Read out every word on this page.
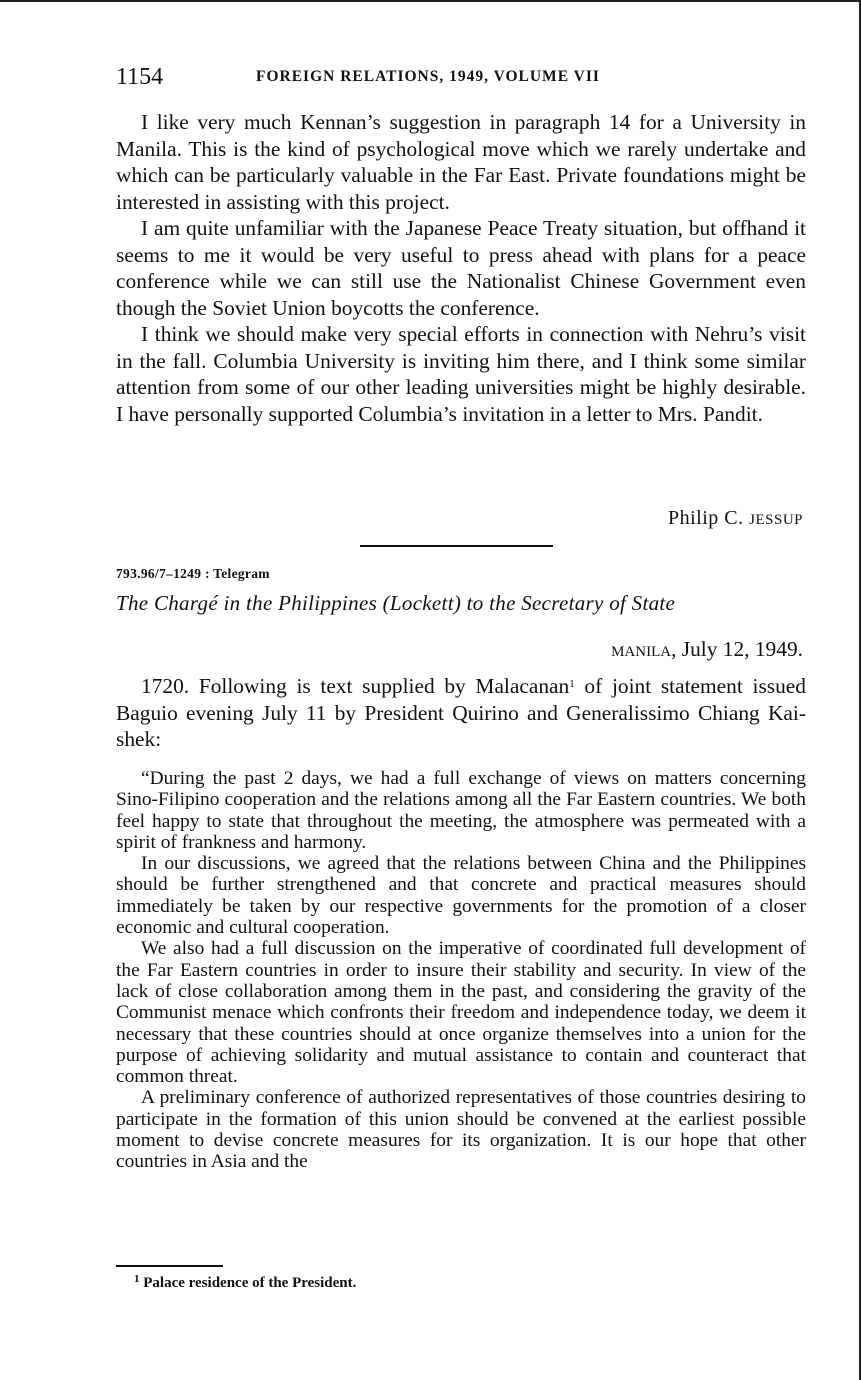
1154	FOREIGN RELATIONS, 1949, VOLUME VII

I like very much Kennan’s suggestion in paragraph 14 for a University in Manila. This is the kind of psychological move which we rarely undertake and which can be particularly valuable in the Far East. Private foundations might be interested in assisting with this project.

I am quite unfamiliar with the Japanese Peace Treaty situation, but offhand it seems to me it would be very useful to press ahead with plans for a peace conference while we can still use the Nationalist Chinese Government even though the Soviet Union boycotts the conference.

I think we should make very special efforts in connection with Nehru’s visit in the fall. Columbia University is inviting him there, and I think some similar attention from some of our other leading universities might be highly desirable. I have personally supported Columbia’s invitation in a letter to Mrs. Pandit.

Philip C. JESSUP
793.96/7–1249 : Telegram
The Chargé in the Philippines (Lockett) to the Secretary of State
MANILA, July 12, 1949.

1720. Following is text supplied by Malacanan$^1$ of joint statement issued Baguio evening July 11 by President Quirino and Generalissimo Chiang Kai-shek:

“During the past 2 days, we had a full exchange of views on matters concerning Sino-Filipino cooperation and the relations among all the Far Eastern countries. We both feel happy to state that throughout the meeting, the atmosphere was permeated with a spirit of frankness and harmony.

In our discussions, we agreed that the relations between China and the Philippines should be further strengthened and that concrete and practical measures should immediately be taken by our respective governments for the promotion of a closer economic and cultural cooperation.

We also had a full discussion on the imperative of coordinated full development of the Far Eastern countries in order to insure their stability and security. In view of the lack of close collaboration among them in the past, and considering the gravity of the Communist menace which confronts their freedom and independence today, we deem it necessary that these countries should at once organize themselves into a union for the purpose of achieving solidarity and mutual assistance to contain and counteract that common threat.

A preliminary conference of authorized representatives of those countries desiring to participate in the formation of this union should be convened at the earliest possible moment to devise concrete measures for its organization. It is our hope that other countries in Asia and the

$^1$ Palace residence of the President.
